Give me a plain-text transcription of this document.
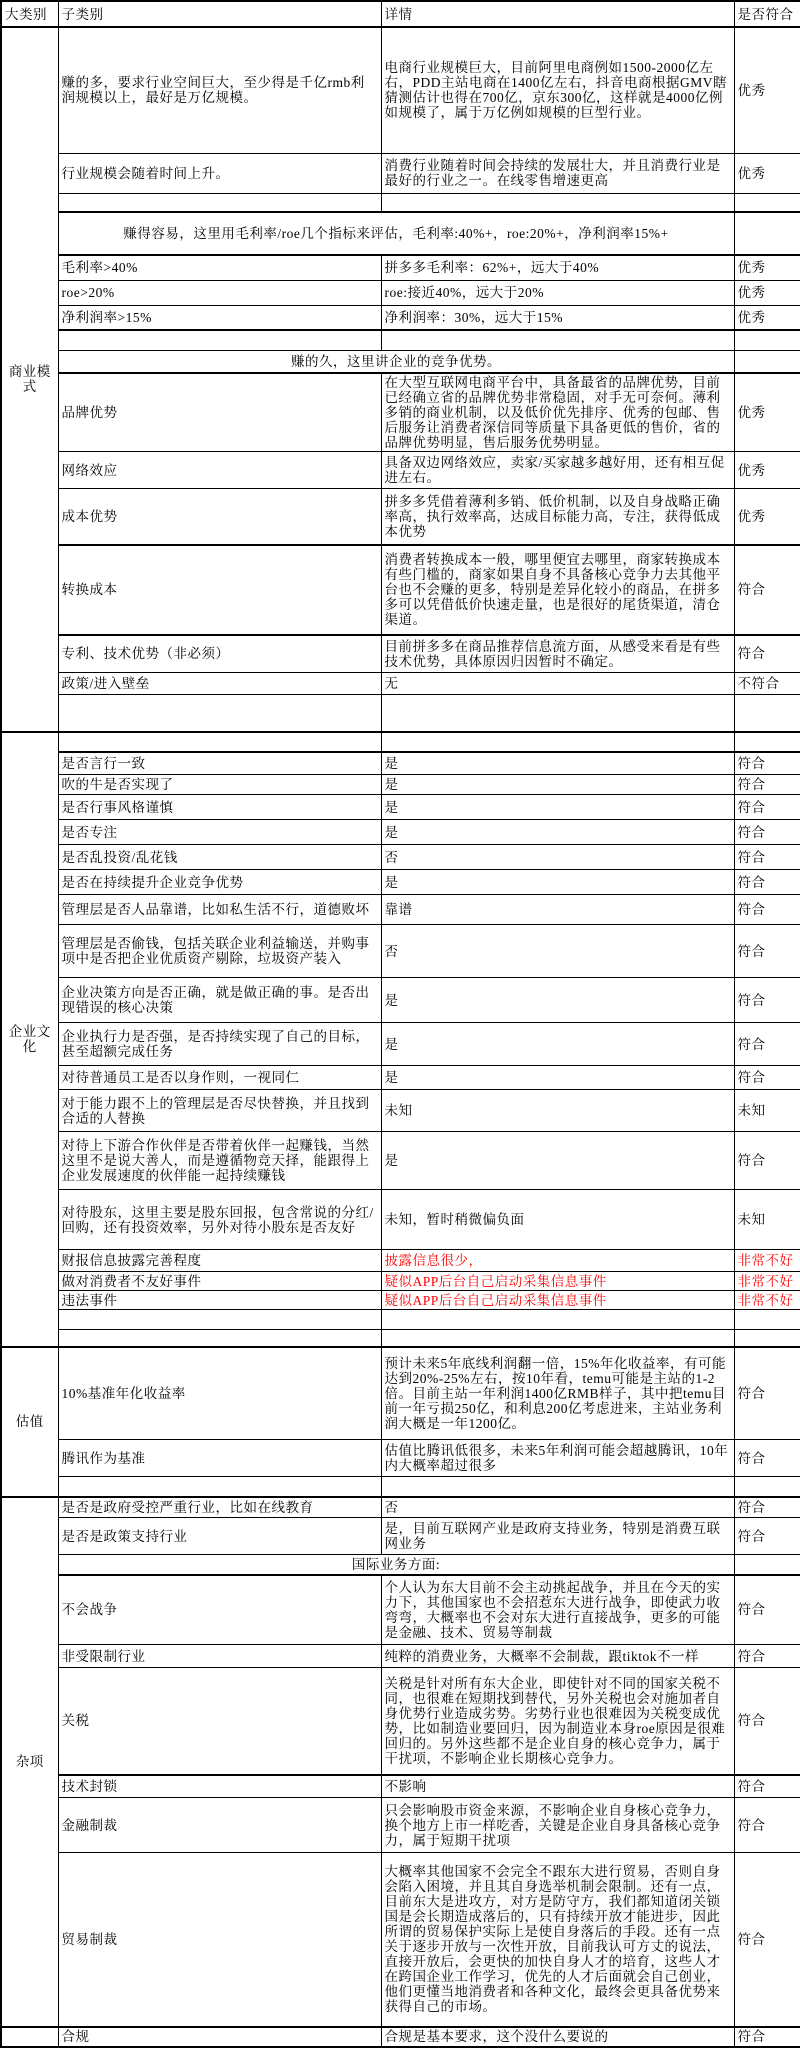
大类别	子类别	详情	是否符合
商业模式	赚的多，要求行业空间巨大，至少得是千亿rmb利润规模以上，最好是万亿规模。	电商行业规模巨大，目前阿里电商例如1500-2000亿左右，PDD主站电商在1400亿左右，抖音电商根据GMV瞎猜测估计也得在700亿，京东300亿，这样就是4000亿例如规模了，属于万亿例如规模的巨型行业。	优秀
	行业规模会随着时间上升。	消费行业随着时间会持续的发展壮大，并且消费行业是最好的行业之一。在线零售增速更高	优秀

	赚得容易，这里用毛利率/roe几个指标来评估，毛利率:40%+，roe:20%+，净利润率15%+		
	毛利率>40%	拼多多毛利率：62%+，远大于40%	优秀
	roe>20%	roe:接近40%，远大于20%	优秀
	净利润率>15%	净利润率：30%，远大于15%	优秀

	赚的久，这里讲企业的竞争优势。		
	品牌优势	在大型互联网电商平台中，具备最省的品牌优势，目前已经确立省的品牌优势非常稳固，对手无可奈何。薄利多销的商业机制，以及低价优先排序、优秀的包邮、售后服务让消费者深信同等质量下具备更低的售价，省的品牌优势明显，售后服务优势明显。	优秀
	网络效应	具备双边网络效应，卖家/买家越多越好用，还有相互促进左右。	优秀
	成本优势	拼多多凭借着薄利多销、低价机制，以及自身战略正确率高，执行效率高，达成目标能力高，专注，获得低成本优势	优秀
	转换成本	消费者转换成本一般，哪里便宜去哪里，商家转换成本有些门槛的，商家如果自身不具备核心竞争力去其他平台也不会赚的更多，特别是差异化较小的商品，在拼多多可以凭借低价快速走量，也是很好的尾货渠道，清仓渠道。	符合
	专利、技术优势（非必须）	目前拼多多在商品推荐信息流方面，从感受来看是有些技术优势，具体原因归因暂时不确定。	符合
	政策/进入壁垒	无	不符合

企业文化			
	是否言行一致	是	符合
	吹的牛是否实现了	是	符合
	是否行事风格谨慎	是	符合
	是否专注	是	符合
	是否乱投资/乱花钱	否	符合
	是否在持续提升企业竞争优势	是	符合
	管理层是否人品靠谱，比如私生活不行，道德败坏	靠谱	符合
	管理层是否偷钱，包括关联企业利益输送，并购事项中是否把企业优质资产剔除，垃圾资产装入	否	符合
	企业决策方向是否正确，就是做正确的事。是否出现错误的核心决策	是	符合
	企业执行力是否强，是否持续实现了自己的目标，甚至超额完成任务	是	符合
	对待普通员工是否以身作则，一视同仁	是	符合
	对于能力跟不上的管理层是否尽快替换，并且找到合适的人替换	未知	未知
	对待上下游合作伙伴是否带着伙伴一起赚钱，当然这里不是说大善人，而是遵循物竞天择，能跟得上企业发展速度的伙伴能一起持续赚钱	是	符合
	对待股东，这里主要是股东回报，包含常说的分红/回购，还有投资效率，另外对待小股东是否友好	未知，暂时稍微偏负面	未知
	财报信息披露完善程度	披露信息很少，	非常不好
	做对消费者不友好事件	疑似APP后台自己启动采集信息事件	非常不好
	违法事件	疑似APP后台自己启动采集信息事件	非常不好

估值	10%基准年化收益率	预计未来5年底线利润翻一倍，15%年化收益率，有可能达到20%-25%左右，按10年看，temu可能是主站的1-2倍。目前主站一年利润1400亿RMB样子，其中把temu目前一年亏损250亿，和利息200亿考虑进来，主站业务利润大概是一年1200亿。	符合
	腾讯作为基准	估值比腾讯低很多，未来5年利润可能会超越腾讯，10年内大概率超过很多	符合

杂项	是否是政府受控严重行业，比如在线教育	否	符合
	是否是政策支持行业	是，目前互联网产业是政府支持业务，特别是消费互联网业务	符合
	国际业务方面:		
	不会战争	个人认为东大目前不会主动挑起战争，并且在今天的实力下，其他国家也不会招惹东大进行战争，即使武力收弯弯，大概率也不会对东大进行直接战争，更多的可能是金融、技术、贸易等制裁	符合
	非受限制行业	纯粹的消费业务，大概率不会制裁，跟tiktok不一样	符合
	关税	关税是针对所有东大企业，即使针对不同的国家关税不同，也很难在短期找到替代，另外关税也会对施加者自身优势行业造成劣势。劣势行业也很难因为关税变成优势，比如制造业要回归，因为制造业本身roe原因是很难回归的。另外这些都不是企业自身的核心竞争力，属于干扰项，不影响企业长期核心竞争力。	符合
	技术封锁	不影响	符合
	金融制裁	只会影响股市资金来源，不影响企业自身核心竞争力，换个地方上市一样吃香，关键是企业自身具备核心竞争力，属于短期干扰项	符合
	贸易制裁	大概率其他国家不会完全不跟东大进行贸易，否则自身会陷入困境，并且其自身选举机制会限制。还有一点，目前东大是进攻方，对方是防守方，我们都知道闭关锁国是会长期造成落后的，只有持续开放才能进步，因此所谓的贸易保护实际上是使自身落后的手段。还有一点关于逐步开放与一次性开放，目前我认可方丈的说法，直接开放后，会更快的加快自身人才的培育，这些人才在跨国企业工作学习，优先的人才后面就会自己创业，他们更懂当地消费者和各种文化，最终会更具备优势来获得自己的市场。	符合
	合规	合规是基本要求，这个没什么要说的	符合
